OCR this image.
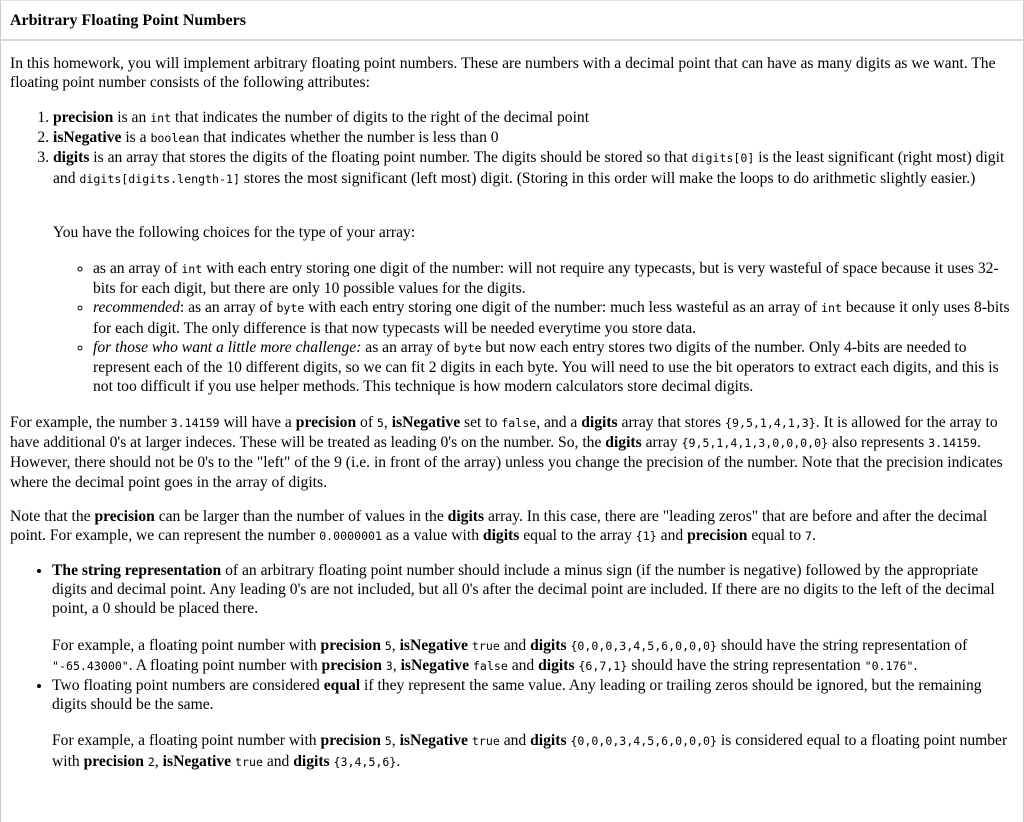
Arbitrary Floating Point Numbers

In this homework, you will implement arbitrary floating point numbers. These are numbers with a decimal point that can have as many digits as we want. The floating point number consists of the following attributes:

1. precision is an int that indicates the number of digits to the right of the decimal point
2. isNegative is a boolean that indicates whether the number is less than 0
3. digits is an array that stores the digits of the floating point number. The digits should be stored so that digits[0] is the least significant (right most) digit and digits[digits.length-1] stores the most significant (left most) digit. (Storing in this order will make the loops to do arithmetic slightly easier.)

You have the following choices for the type of your array:

◦ as an array of int with each entry storing one digit of the number: will not require any typecasts, but is very wasteful of space because it uses 32-bits for each digit, but there are only 10 possible values for the digits.
◦ recommended: as an array of byte with each entry storing one digit of the number: much less wasteful as an array of int because it only uses 8-bits for each digit. The only difference is that now typecasts will be needed everytime you store data.
◦ for those who want a little more challenge: as an array of byte but now each entry stores two digits of the number. Only 4-bits are needed to represent each of the 10 different digits, so we can fit 2 digits in each byte. You will need to use the bit operators to extract each digits, and this is not too difficult if you use helper methods. This technique is how modern calculators store decimal digits.

For example, the number 3.14159 will have a precision of 5, isNegative set to false, and a digits array that stores {9,5,1,4,1,3}. It is allowed for the array to have additional 0's at larger indeces. These will be treated as leading 0's on the number. So, the digits array {9,5,1,4,1,3,0,0,0,0} also represents 3.14159. However, there should not be 0's to the "left" of the 9 (i.e. in front of the array) unless you change the precision of the number. Note that the precision indicates where the decimal point goes in the array of digits.

Note that the precision can be larger than the number of values in the digits array. In this case, there are "leading zeros" that are before and after the decimal point. For example, we can represent the number 0.0000001 as a value with digits equal to the array {1} and precision equal to 7.

• The string representation of an arbitrary floating point number should include a minus sign (if the number is negative) followed by the appropriate digits and decimal point. Any leading 0's are not included, but all 0's after the decimal point are included. If there are no digits to the left of the decimal point, a 0 should be placed there.
For example, a floating point number with precision 5, isNegative true and digits {0,0,0,3,4,5,6,0,0,0} should have the string representation of "-65.43000". A floating point number with precision 3, isNegative false and digits {6,7,1} should have the string representation "0.176".
• Two floating point numbers are considered equal if they represent the same value. Any leading or trailing zeros should be ignored, but the remaining digits should be the same.
For example, a floating point number with precision 5, isNegative true and digits {0,0,0,3,4,5,6,0,0,0} is considered equal to a floating point number with precision 2, isNegative true and digits {3,4,5,6}.
